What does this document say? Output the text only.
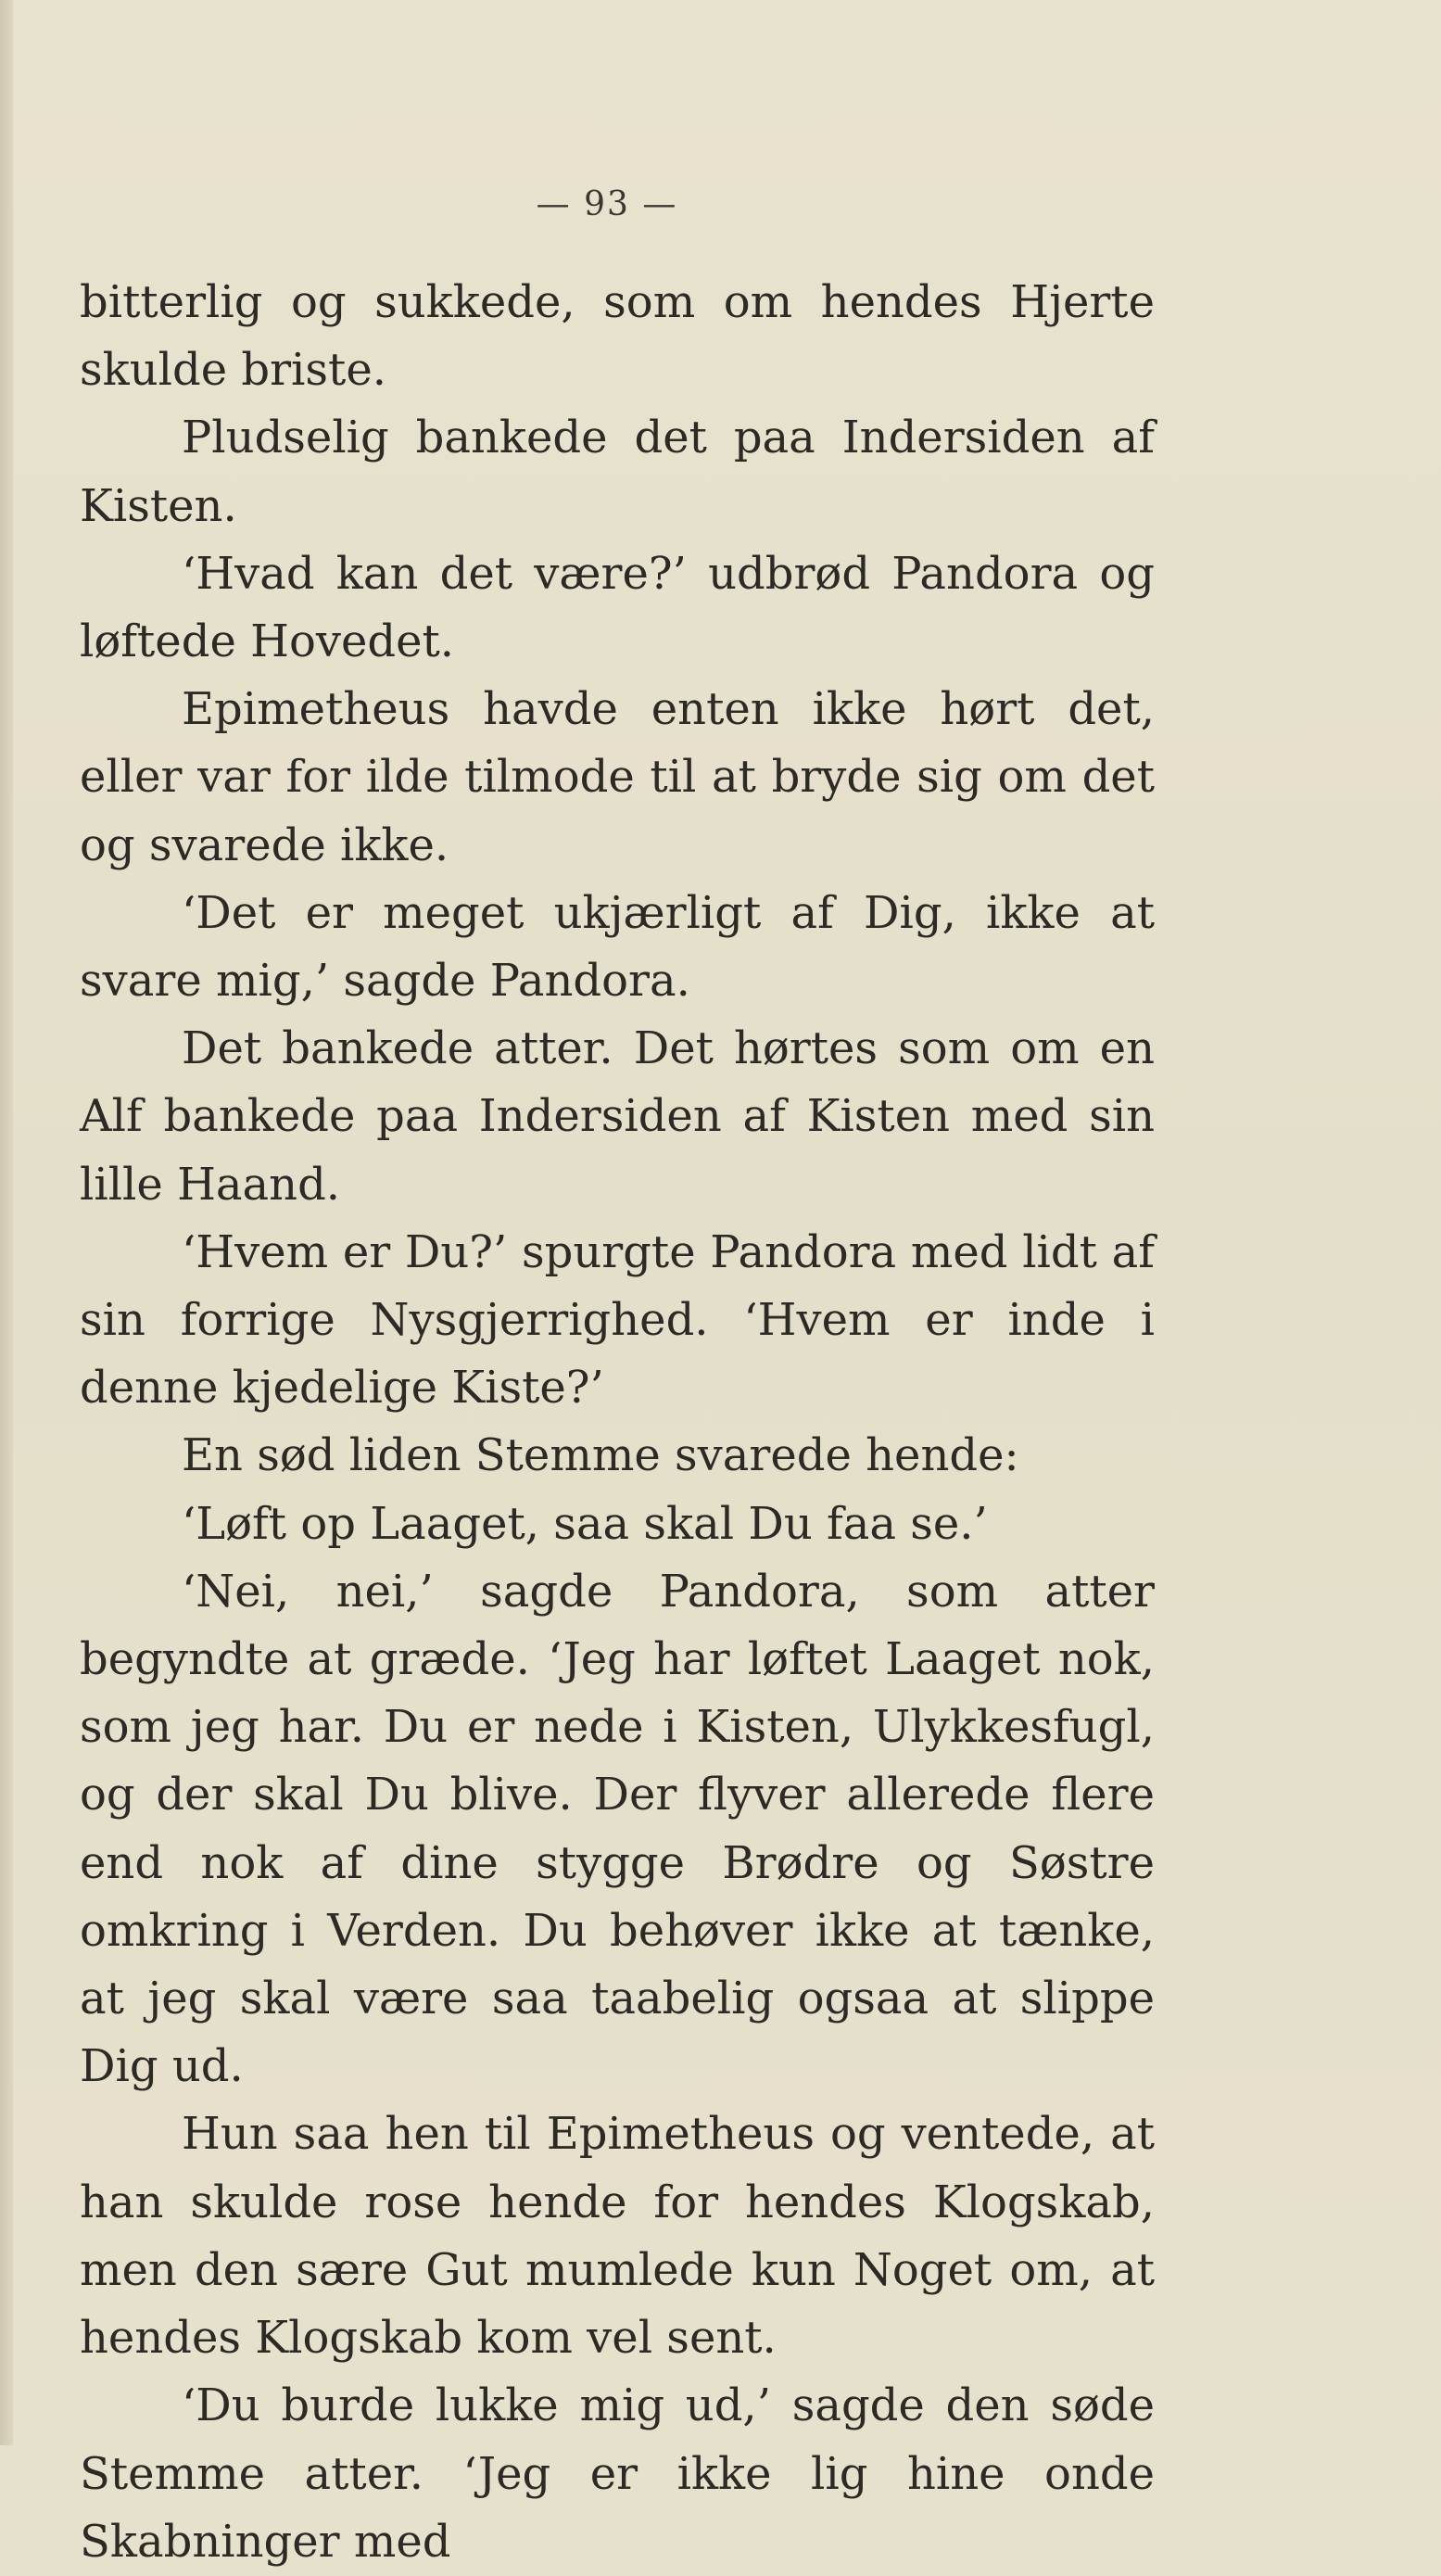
— 93 —

bitterlig og sukkede, som om hendes Hjerte skulde briste.

Pludselig bankede det paa Indersiden af Kisten.

‘Hvad kan det være?’ udbrød Pandora og løftede Hovedet.

Epimetheus havde enten ikke hørt det, eller var for ilde tilmode til at bryde sig om det og svarede ikke.

‘Det er meget ukjærligt af Dig, ikke at svare mig,’ sagde Pandora.

Det bankede atter. Det hørtes som om en Alf bankede paa Indersiden af Kisten med sin lille Haand.

‘Hvem er Du?’ spurgte Pandora med lidt af sin forrige Nysgjerrighed. ‘Hvem er inde i denne kjedelige Kiste?’

En sød liden Stemme svarede hende:

‘Løft op Laaget, saa skal Du faa se.’

‘Nei, nei,’ sagde Pandora, som atter begyndte at græde. ‘Jeg har løftet Laaget nok, som jeg har. Du er nede i Kisten, Ulykkesfugl, og der skal Du blive. Der flyver allerede flere end nok af dine stygge Brødre og Søstre omkring i Verden. Du behøver ikke at tænke, at jeg skal være saa taabelig ogsaa at slippe Dig ud.

Hun saa hen til Epimetheus og ventede, at han skulde rose hende for hendes Klogskab, men den sære Gut mumlede kun Noget om, at hendes Klogskab kom vel sent.

‘Du burde lukke mig ud,’ sagde den søde Stemme atter. ‘Jeg er ikke lig hine onde Skabninger med
